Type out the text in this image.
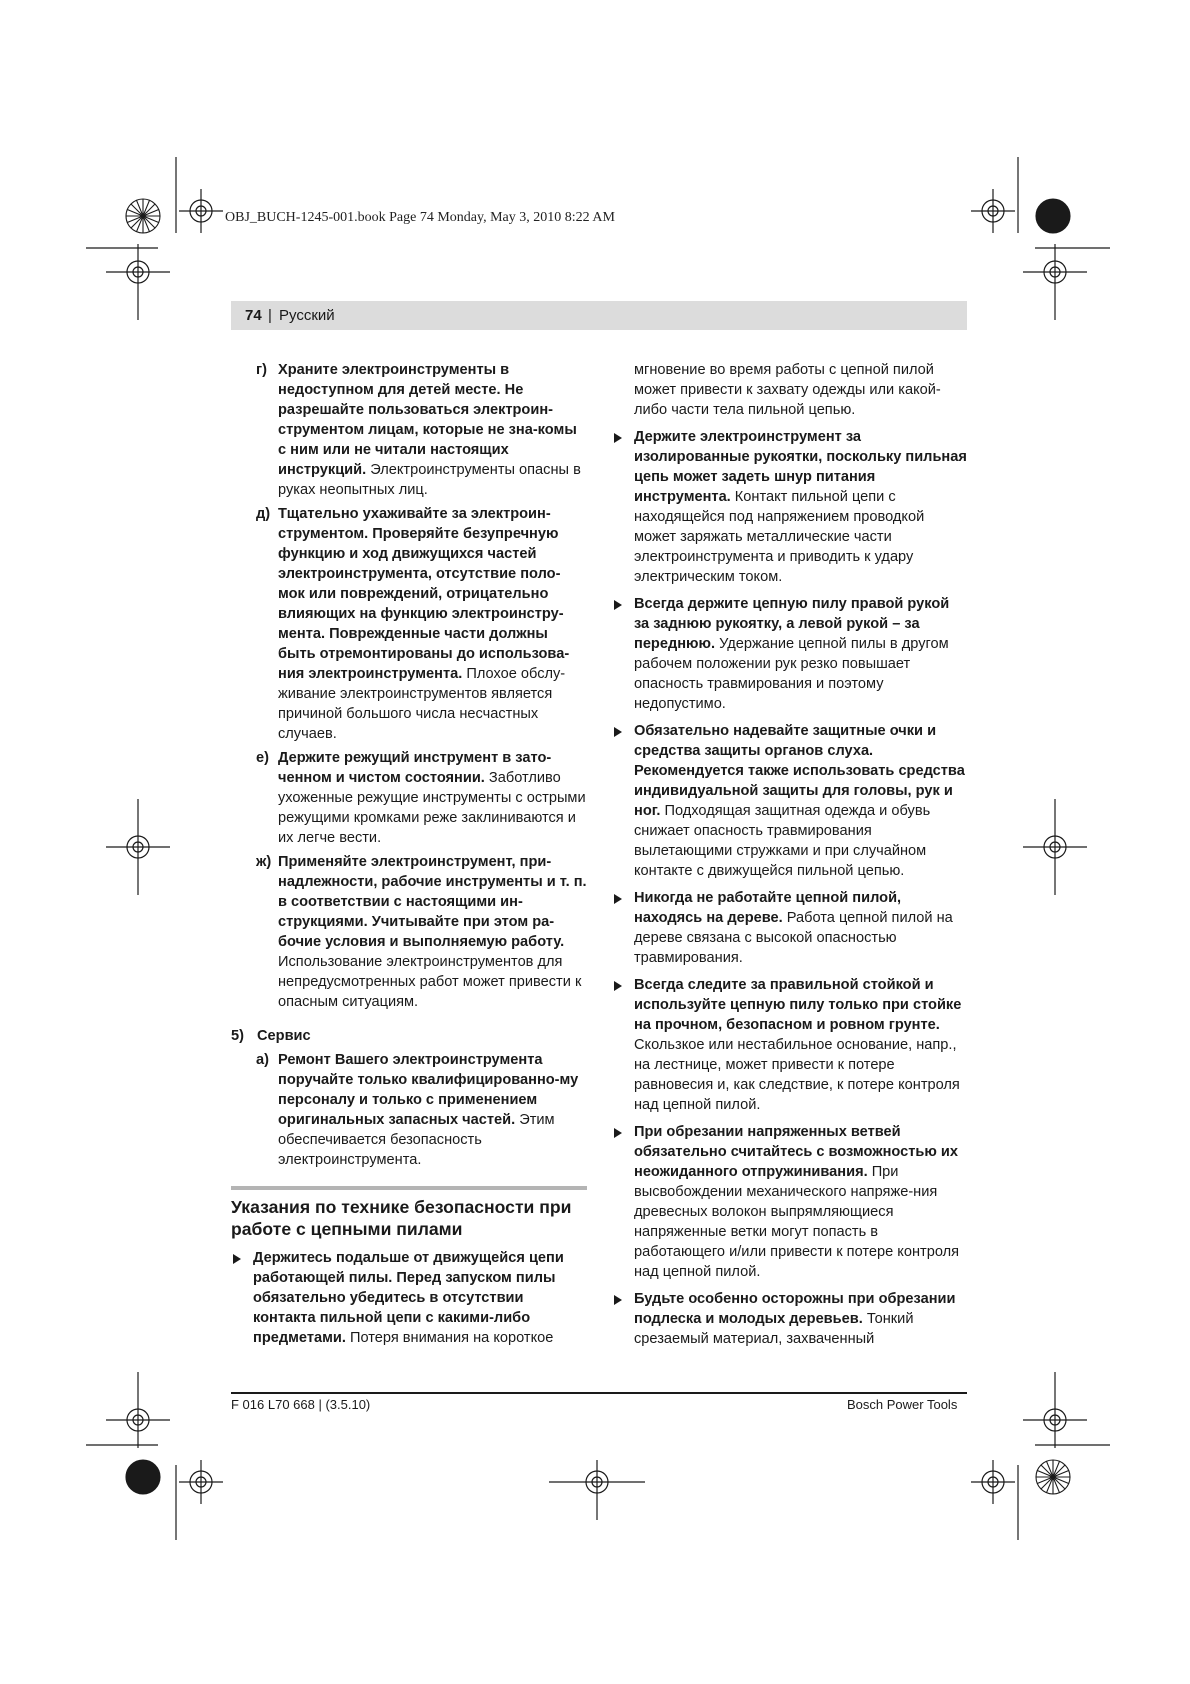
OBJ_BUCH-1245-001.book Page 74 Monday, May 3, 2010 8:22 AM
74 | Русский
г) Храните электроинструменты в недоступном для детей месте. Не разрешайте пользоваться электроин-струментом лицам, которые не зна-комы с ним или не читали настоящих инструкций. Электроинструменты опасны в руках неопытных лиц.
д) Тщательно ухаживайте за электроин-струментом. Проверяйте безупречную функцию и ход движущихся частей электроинструмента, отсутствие поло-мок или повреждений, отрицательно влияющих на функцию электроинстру-мента. Поврежденные части должны быть отремонтированы до использова-ния электроинструмента. Плохое обслу-живание электроинструментов является причиной большого числа несчастных случаев.
е) Держите режущий инструмент в зато-ченном и чистом состоянии. Заботливо ухоженные режущие инструменты с острыми режущими кромками реже заклиниваются и их легче вести.
ж) Применяйте электроинструмент, при-надлежности, рабочие инструменты и т. п. в соответствии с настоящими ин-струкциями. Учитывайте при этом ра-бочие условия и выполняемую работу. Использование электроинструментов для непредусмотренных работ может привести к опасным ситуациям.
5) Сервис
а) Ремонт Вашего электроинструмента поручайте только квалифицированно-му персоналу и только с применением оригинальных запасных частей. Этим обеспечивается безопасность электроинструмента.
Указания по технике безопасности при работе с цепными пилами
Держитесь подальше от движущейся цепи работающей пилы. Перед запуском пилы обязательно убедитесь в отсутствии контакта пильной цепи с какими-либо предметами. Потеря внимания на короткое
мгновение во время работы с цепной пилой может привести к захвату одежды или какой-либо части тела пильной цепью.
Держите электроинструмент за изолированные рукоятки, поскольку пильная цепь может задеть шнур питания инструмента. Контакт пильной цепи с находящейся под напряжением проводкой может заряжать металлические части электроинструмента и приводить к удару электрическим током.
Всегда держите цепную пилу правой рукой за заднюю рукоятку, а левой рукой – за переднюю. Удержание цепной пилы в другом рабочем положении рук резко повышает опасность травмирования и поэтому недопустимо.
Обязательно надевайте защитные очки и средства защиты органов слуха. Рекомендуется также использовать средства индивидуальной защиты для головы, рук и ног. Подходящая защитная одежда и обувь снижает опасность травмирования вылетающими стружками и при случайном контакте с движущейся пильной цепью.
Никогда не работайте цепной пилой, находясь на дереве. Работа цепной пилой на дереве связана с высокой опасностью травмирования.
Всегда следите за правильной стойкой и используйте цепную пилу только при стойке на прочном, безопасном и ровном грунте. Скользкое или нестабильное основание, напр., на лестнице, может привести к потере равновесия и, как следствие, к потере контроля над цепной пилой.
При обрезании напряженных ветвей обязательно считайтесь с возможностью их неожиданного отпружинивания. При высвобождении механического напряже-ния древесных волокон выпрямляющиеся напряженные ветки могут попасть в работающего и/или привести к потере контроля над цепной пилой.
Будьте особенно осторожны при обрезании подлеска и молодых деревьев. Тонкий срезаемый материал, захваченный
F 016 L70 668 | (3.5.10)	Bosch Power Tools
